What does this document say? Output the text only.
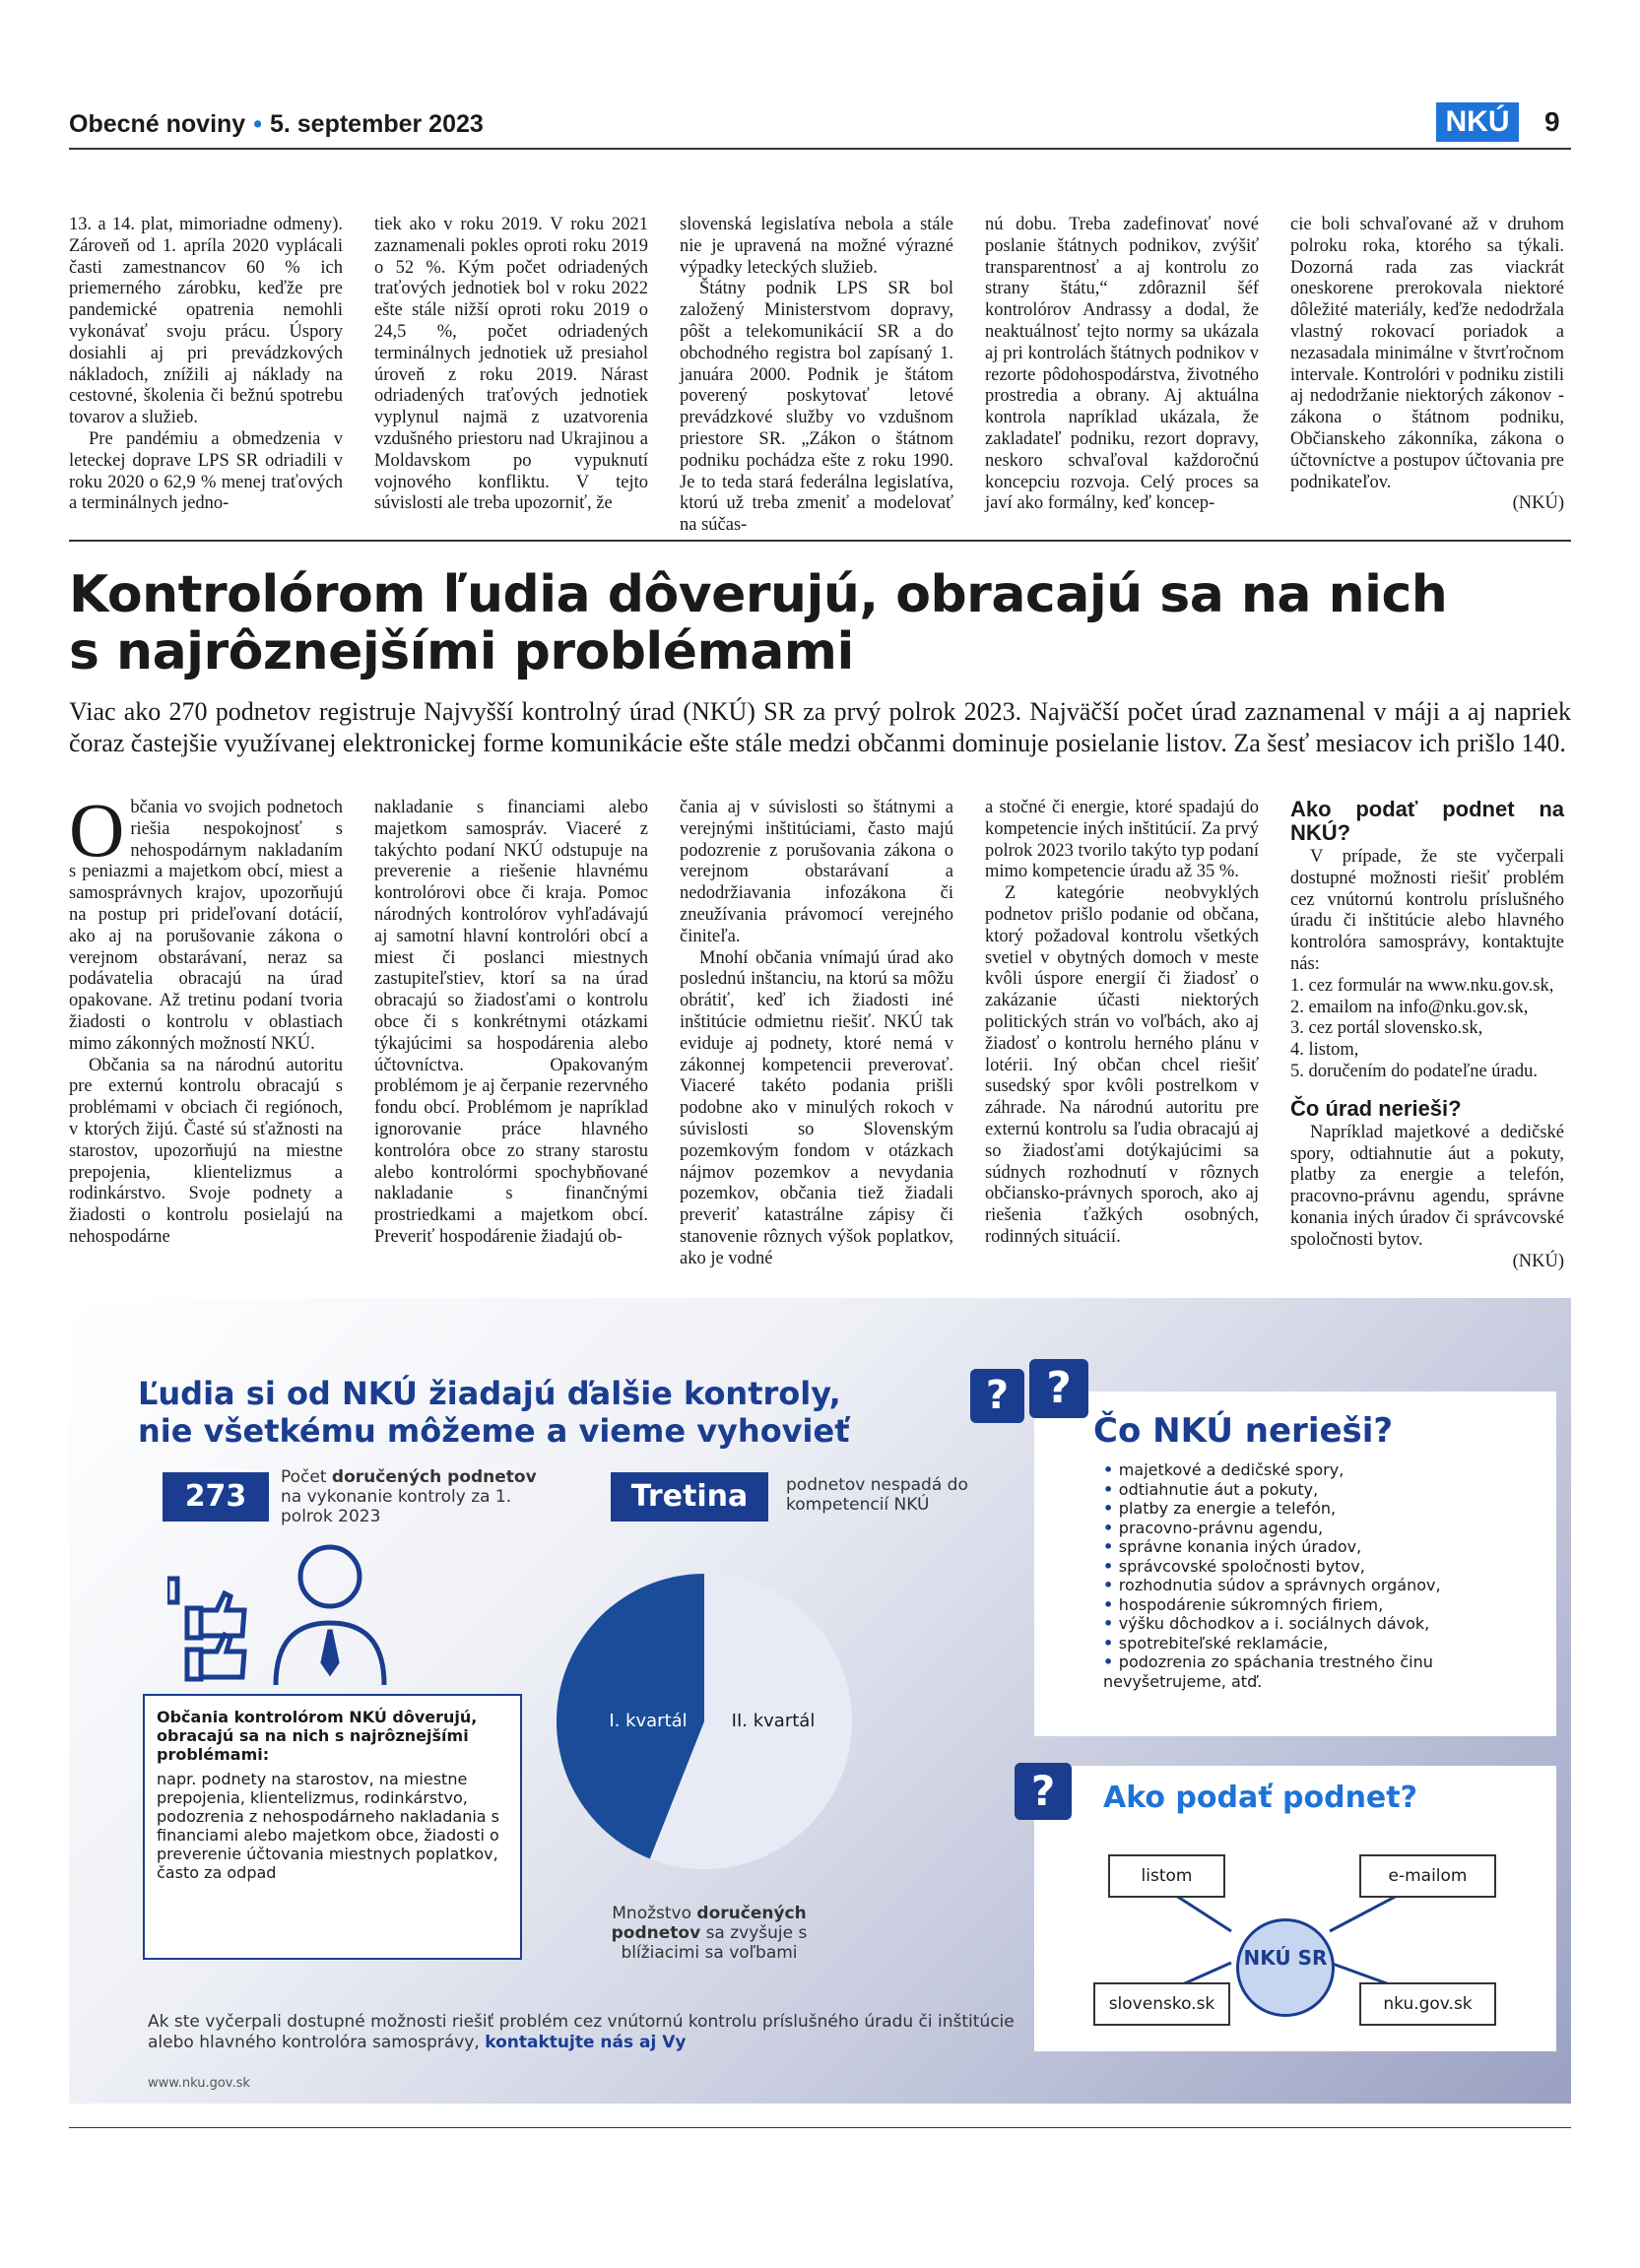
Obecné noviny • 5. september 2023	NKÚ	9

13. a 14. plat, mimoriadne odmeny). Zároveň od 1. apríla 2020 vyplácali časti zamestnancov 60 % ich priemerného zárobku, keďže pre pandemické opatrenia nemohli vykonávať svoju prácu. Úspory dosiahli aj pri prevádzkových nákladoch, znížili aj náklady na cestovné, školenia či bežnú spotrebu tovarov a služieb.

Pre pandémiu a obmedzenia v leteckej doprave LPS SR odriadili v roku 2020 o 62,9 % menej traťových a terminálnych jedno-

tiek ako v roku 2019. V roku 2021 zaznamenali pokles oproti roku 2019 o 52 %. Kým počet odriadených traťových jednotiek bol v roku 2022 ešte stále nižší oproti roku 2019 o 24,5 %, počet odriadených terminálnych jednotiek už presiahol úroveň z roku 2019. Nárast odriadených traťových jednotiek vyplynul najmä z uzatvorenia vzdušného priestoru nad Ukrajinou a Moldavskom po vypuknutí vojnového konfliktu. V tejto súvislosti ale treba upozorniť, že

slovenská legislatíva nebola a stále nie je upravená na možné výrazné výpadky leteckých služieb.

Štátny podnik LPS SR bol založený Ministerstvom dopravy, pôšt a telekomunikácií SR a do obchodného registra bol zapísaný 1. januára 2000. Podnik je štátom poverený poskytovať letové prevádzkové služby vo vzdušnom priestore SR. „Zákon o štátnom podniku pochádza ešte z roku 1990. Je to teda stará federálna legislatíva, ktorú už treba zmeniť a modelovať na súčas-

nú dobu. Treba zadefinovať nové poslanie štátnych podnikov, zvýšiť transparentnosť a aj kontrolu zo strany štátu,“ zdôraznil šéf kontrolórov Andrassy a dodal, že neaktuálnosť tejto normy sa ukázala aj pri kontrolách štátnych podnikov v rezorte pôdohospodárstva, životného prostredia a obrany. Aj aktuálna kontrola napríklad ukázala, že zakladateľ podniku, rezort dopravy, neskoro schvaľoval každoročnú koncepciu rozvoja. Celý proces sa javí ako formálny, keď koncep-

cie boli schvaľované až v druhom polroku roka, ktorého sa týkali. Dozorná rada zas viackrát oneskorene prerokovala niektoré dôležité materiály, keďže nedodržala vlastný rokovací poriadok a nezasadala minimálne v štvrťročnom intervale. Kontrolóri v podniku zistili aj nedodržanie niektorých zákonov - zákona o štátnom podniku, Občianskeho zákonníka, zákona o účtovníctve a postupov účtovania pre podnikateľov.

(NKÚ)
Kontrolórom ľudia dôverujú, obracajú sa na nich
s najrôznejšími problémami
Viac ako 270 podnetov registruje Najvyšší kontrolný úrad (NKÚ) SR za prvý polrok 2023. Najväčší počet úrad zaznamenal v máji a aj napriek čoraz častejšie využívanej elektronickej forme komunikácie ešte stále medzi občanmi dominuje posielanie listov. Za šesť mesiacov ich prišlo 140.
O bčania vo svojich podnetoch riešia nespokojnosť s nehospodárnym nakladaním s peniazmi a majetkom obcí, miest a samosprávnych krajov, upozorňujú na postup pri prideľovaní dotácií, ako aj na porušovanie zákona o verejnom obstarávaní, neraz sa podávatelia obracajú na úrad opakovane. Až tretinu podaní tvoria žiadosti o kontrolu v oblastiach mimo zákonných možností NKÚ.

Občania sa na národnú autoritu pre externú kontrolu obracajú s problémami v obciach či regiónoch, v ktorých žijú. Časté sú sťažnosti na starostov, upozorňujú na miestne prepojenia, klientelizmus a rodinkárstvo. Svoje podnety a žiadosti o kontrolu posielajú na nehospodárne

nakladanie s financiami alebo majetkom samospráv. Viaceré z takýchto podaní NKÚ odstupuje na preverenie a riešenie hlavnému kontrolórovi obce či kraja. Pomoc národných kontrolórov vyhľadávajú aj samotní hlavní kontrolóri obcí a miest či poslanci miestnych zastupiteľstiev, ktorí sa na úrad obracajú so žiadosťami o kontrolu obce či s konkrétnymi otázkami týkajúcimi sa hospodárenia alebo účtovníctva. Opakovaným problémom je aj čerpanie rezervného fondu obcí. Problémom je napríklad ignorovanie práce hlavného kontrolóra obce zo strany starostu alebo kontrolórmi spochybňované nakladanie s finančnými prostriedkami a majetkom obcí. Preveriť hospodárenie žiadajú ob-

čania aj v súvislosti so štátnymi a verejnými inštitúciami, často majú podozrenie z porušovania zákona o verejnom obstarávaní a nedodržiavania infozákona či zneužívania právomocí verejného činiteľa.

Mnohí občania vnímajú úrad ako poslednú inštanciu, na ktorú sa môžu obrátiť, keď ich žiadosti iné inštitúcie odmietnu riešiť. NKÚ tak eviduje aj podnety, ktoré nemá v zákonnej kompetencii preverovať. Viaceré takéto podania prišli podobne ako v minulých rokoch v súvislosti so Slovenským pozemkovým fondom v otázkach nájmov pozemkov a nevydania pozemkov, občania tiež žiadali preveriť katastrálne zápisy či stanovenie rôznych výšok poplatkov, ako je vodné

a stočné či energie, ktoré spadajú do kompetencie iných inštitúcií. Za prvý polrok 2023 tvorilo takýto typ podaní mimo kompetencie úradu až 35 %.

Z kategórie neobvyklých podnetov prišlo podanie od občana, ktorý požadoval kontrolu všetkých svetiel v obytných domoch v meste kvôli úspore energií či žiadosť o zakázanie účasti niektorých politických strán vo voľbách, ako aj žiadosť o kontrolu herného plánu v lotérii. Iný občan chcel riešiť susedský spor kvôli postrelkom v záhrade. Na národnú autoritu pre externú kontrolu sa ľudia obracajú aj so žiadosťami dotýkajúcimi sa súdnych rozhodnutí v rôznych občiansko-právnych sporoch, ako aj riešenia ťažkých osobných, rodinných situácií.

Ako podať podnet na NKÚ?

V prípade, že ste vyčerpali dostupné možnosti riešiť problém cez vnútornú kontrolu príslušného úradu či inštitúcie alebo hlavného kontrolóra samosprávy, kontaktujte nás:

1. cez formulár na www.nku.gov.sk,
2. emailom na info@nku.gov.sk,
3. cez portál slovensko.sk,
4. listom,
5. doručením do podateľne úradu.
Čo úrad nerieši?

Napríklad majetkové a dedičské spory, odtiahnutie áut a pokuty, platby za energie a telefón, pracovno-právnu agendu, správne konania iných úradov či správcovské spoločnosti bytov.

(NKÚ)
2023
Ľudia si od NKÚ žiadajú ďalšie kontroly,
nie všetkému môžeme a vieme vyhovieť
273
Počet doručených podnetov na vykonanie kontroly za 1. polrok 2023
Tretina	podnetov nespadá do kompetencií NKÚ
Občania kontrolórom NKÚ dôverujú, obracajú sa na nich s najrôznejšími problémami:
napr. podnety na starostov, na miestne prepojenia, klientelizmus, rodinkárstvo, podozrenia z nehospodárneho nakladania s financiami alebo majetkom obce, žiadosti o preverenie účtovania miestnych poplatkov, často za odpad
I. kvartál II. kvartál
Množstvo doručených podnetov sa zvyšuje s blížiacimi sa voľbami
? ?
Čo NKÚ nerieši?
• majetkové a dedičské spory,
• odtiahnutie áut a pokuty,
• platby za energie a telefón,
• pracovno-právnu agendu,
• správne konania iných úradov,
• správcovské spoločnosti bytov,
• rozhodnutia súdov a správnych orgánov,
• hospodárenie súkromných firiem,
• výšku dôchodkov a i. sociálnych dávok,
• spotrebiteľské reklamácie,
• podozrenia zo spáchania trestného činu nevyšetrujeme, atď.
?	Ako podať podnet?
listom	e-mailom
slovensko.sk	nku.gov.sk
NKÚ SR
Ak ste vyčerpali dostupné možnosti riešiť problém cez vnútornú kontrolu príslušného úradu či inštitúcie alebo hlavného kontrolóra samosprávy, kontaktujte nás aj Vy
www.nku.gov.sk
